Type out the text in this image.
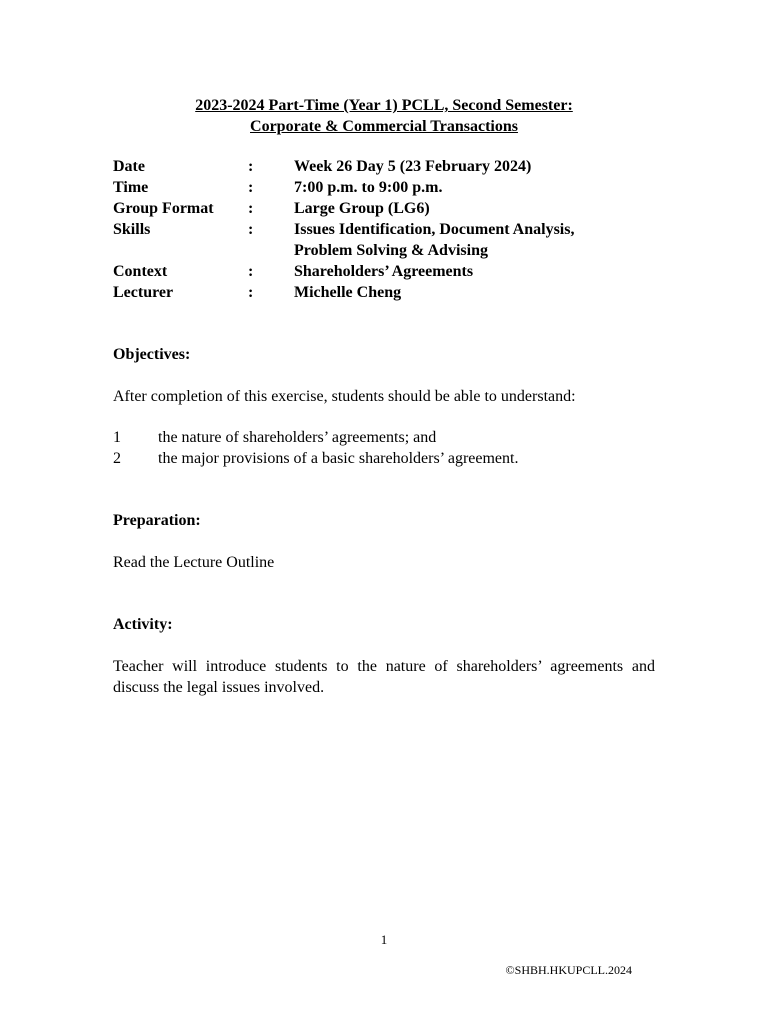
2023-2024 Part-Time (Year 1) PCLL, Second Semester:
Corporate & Commercial Transactions
Date	:	Week 26 Day 5 (23 February 2024)
Time	:	7:00 p.m. to 9:00 p.m.
Group Format	:	Large Group (LG6)
Skills	:	Issues Identification, Document Analysis, Problem Solving & Advising
Context	:	Shareholders’ Agreements
Lecturer	:	Michelle Cheng
Objectives:
After completion of this exercise, students should be able to understand:
1	the nature of shareholders’ agreements; and
2	the major provisions of a basic shareholders’ agreement.
Preparation:
Read the Lecture Outline
Activity:
Teacher will introduce students to the nature of shareholders’ agreements and discuss the legal issues involved.
1
©SHBH.HKUPCLL.2024
